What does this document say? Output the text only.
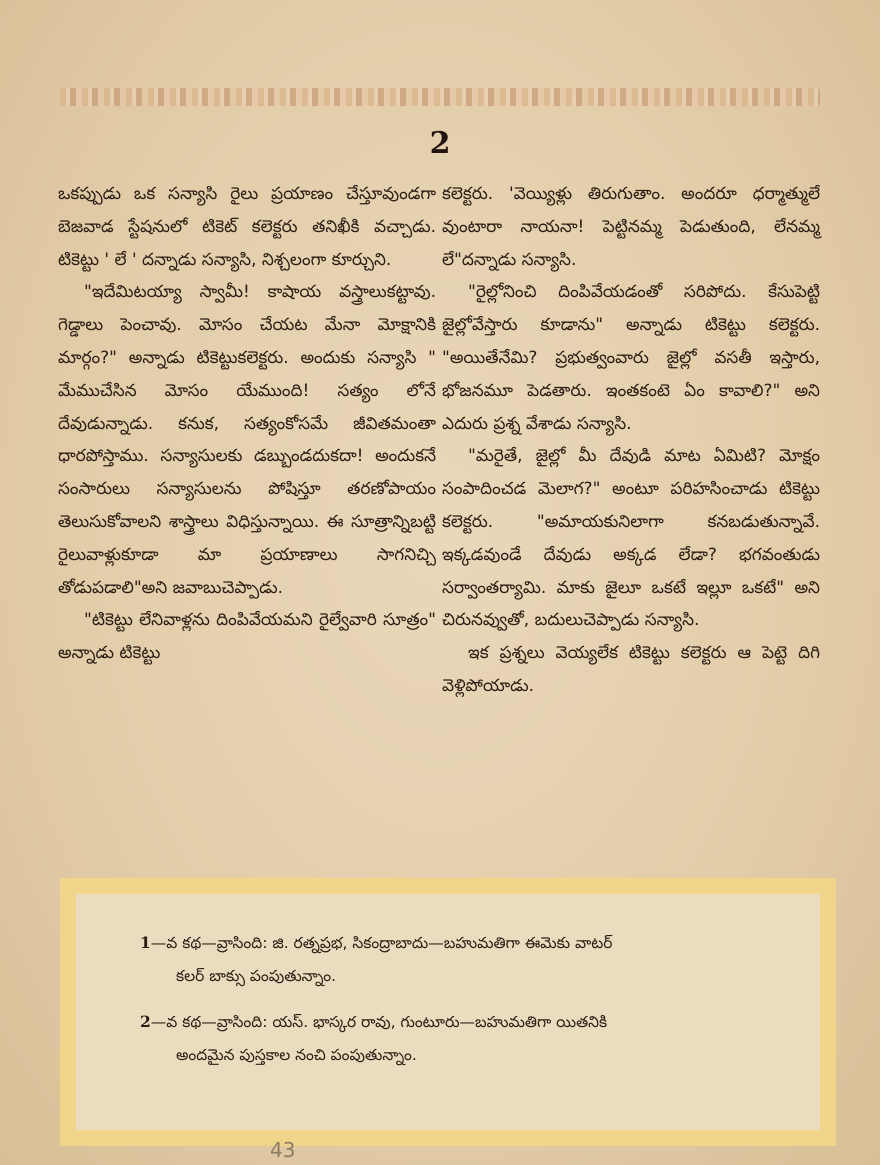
2

ఒకప్పుడు ఒక సన్యాసి రైలు ప్రయాణం చేస్తూవుండగా బెజవాడ స్టేషనులో టికెట్ కలెక్టరు తనిఖీకి వచ్చాడు. టికెట్టు ' లే ' దన్నాడు సన్యాసి, నిశ్చలంగా కూర్చుని.

"ఇదేమిటయ్యా స్వామీ! కాషాయ వస్త్రాలుకట్టావు. గెడ్డాలు పెంచావు. మోసం చేయట మేనా మోక్షానికి మార్గం?" అన్నాడు టికెట్టుకలెక్టరు. అందుకు సన్యాసి " మేముచేసిన మోసం యేముంది! సత్యం లోనే దేవుడున్నాడు. కనుక, సత్యంకోసమే జీవితమంతా ధారపోస్తాము. సన్యాసులకు డబ్బుండదుకదా! అందుకనే సంసారులు సన్యాసులను పోషిస్తూ తరణోపాయం తెలుసుకోవాలని శాస్త్రాలు విధిస్తున్నాయి. ఈ సూత్రాన్నిబట్టి రైలువాళ్లుకూడా మా ప్రయాణాలు సాగనిచ్చి తోడుపడాలి"అని జవాబుచెప్పాడు.

"టికెట్టు లేనివాళ్లను దింపివేయమని రైల్వేవారి సూత్రం" అన్నాడు టికెట్టు

కలెక్టరు. 'వెయ్యిళ్లు తిరుగుతాం. అందరూ ధర్మాత్ములే వుంటారా నాయనా! పెట్టినమ్మ పెడుతుంది, లేనమ్మ లే"దన్నాడు సన్యాసి.

"రైల్లోనించి దింపివేయడంతో సరిపోదు. కేసుపెట్టి జైల్లోవేస్తారు కూడాను" అన్నాడు టికెట్టు కలెక్టరు. "అయితేనేమి? ప్రభుత్వంవారు జైల్లో వసతీ ఇస్తారు, భోజనమూ పెడతారు. ఇంతకంటె ఏం కావాలి?" అని ఎదురు ప్రశ్న వేశాడు సన్యాసి.

"మరైతే, జైల్లో మీ దేవుడి మాట ఏమిటి? మోక్షం సంపాదించడ మెలాగ?" అంటూ పరిహసించాడు టికెట్టు కలెక్టరు. "అమాయకునిలాగా కనబడుతున్నావే. ఇక్కడవుండే దేవుడు అక్కడ లేడా? భగవంతుడు సర్వాంతర్యామి. మాకు జైలూ ఒకటే ఇల్లూ ఒకటే" అని చిరునవ్వుతో, బదులుచెప్పాడు సన్యాసి.

ఇక ప్రశ్నలు వెయ్యలేక టికెట్టు కలెక్టరు ఆ పెట్టె దిగి వెళ్లిపోయాడు.

1—వ కథ—వ్రాసింది: జి. రత్నప్రభ, సికంద్రాబాదు—బహుమతిగా ఈమెకు వాటర్
కలర్ బాక్సు పంపుతున్నాం.
2—వ కథ—వ్రాసింది: యస్. భాస్కర రావు, గుంటూరు—బహుమతిగా యితనికి
అందమైన పుస్తకాల నంచి పంపుతున్నాం.
43
